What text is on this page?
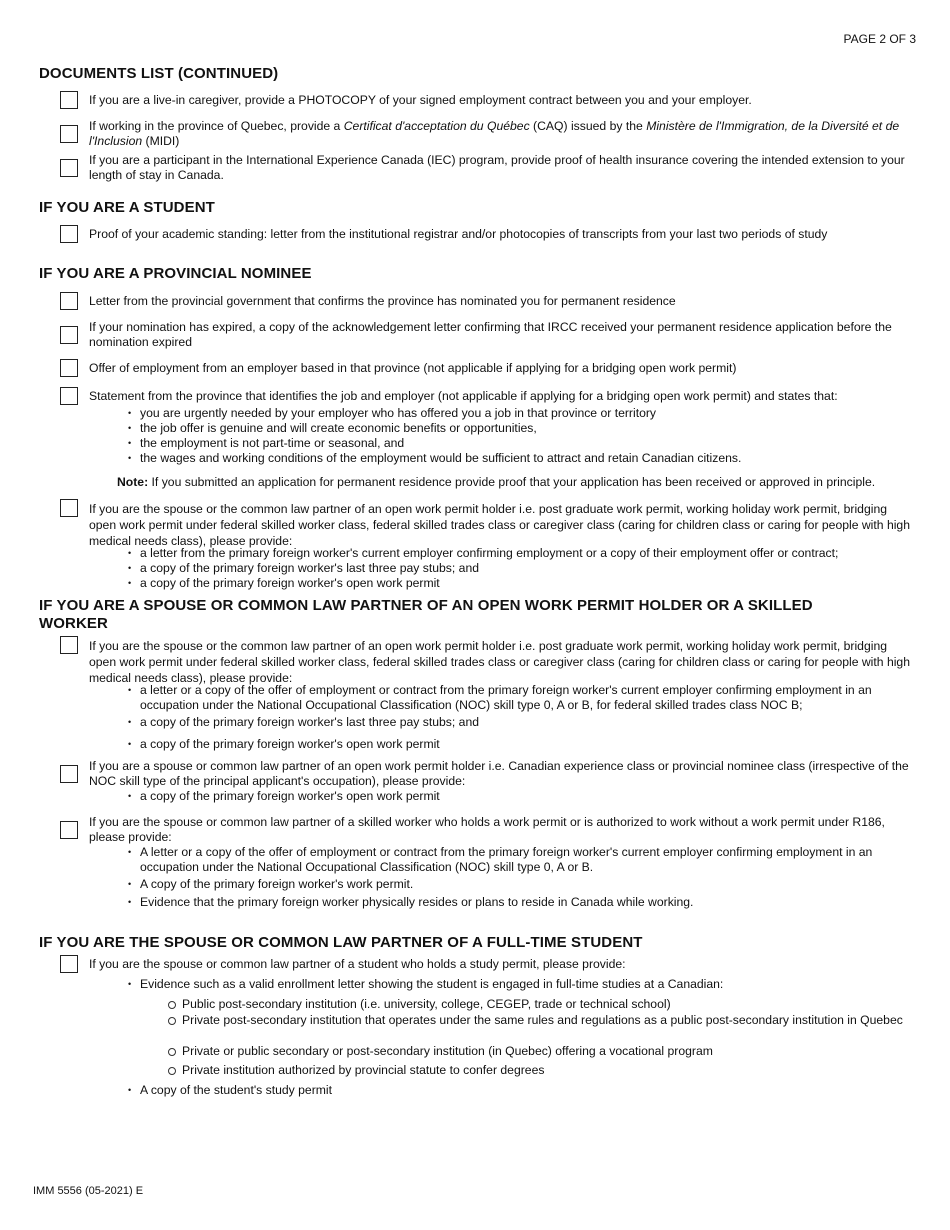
PAGE 2 OF 3
DOCUMENTS LIST (CONTINUED)
If you are a live-in caregiver, provide a PHOTOCOPY of your signed employment contract between you and your employer.
If working in the province of Quebec, provide a Certificat d'acceptation du Québec (CAQ) issued by the Ministère de l'Immigration, de la Diversité et de l'Inclusion (MIDI)
If you are a participant in the International Experience Canada (IEC) program, provide proof of health insurance covering the intended extension to your length of stay in Canada.
IF YOU ARE A STUDENT
Proof of your academic standing: letter from the institutional registrar and/or photocopies of transcripts from your last two periods of study
IF YOU ARE A PROVINCIAL NOMINEE
Letter from the provincial government that confirms the province has nominated you for permanent residence
If your nomination has expired, a copy of the acknowledgement letter confirming that IRCC received your permanent residence application before the nomination expired
Offer of employment from an employer based in that province (not applicable if applying for a bridging open work permit)
Statement from the province that identifies the job and employer (not applicable if applying for a bridging open work permit) and states that:
• you are urgently needed by your employer who has offered you a job in that province or territory
• the job offer is genuine and will create economic benefits or opportunities,
• the employment is not part-time or seasonal, and
• the wages and working conditions of the employment would be sufficient to attract and retain Canadian citizens.
Note: If you submitted an application for permanent residence provide proof that your application has been received or approved in principle.
If you are the spouse or the common law partner of an open work permit holder i.e. post graduate work permit, working holiday work permit, bridging open work permit under federal skilled worker class, federal skilled trades class or caregiver class (caring for children class or caring for people with high medical needs class), please provide:
• a letter from the primary foreign worker's current employer confirming employment or a copy of their employment offer or contract;
• a copy of the primary foreign worker's last three pay stubs; and
• a copy of the primary foreign worker's open work permit
IF YOU ARE A SPOUSE OR COMMON LAW PARTNER OF AN OPEN WORK PERMIT HOLDER OR A SKILLED
WORKER
If you are the spouse or the common law partner of an open work permit holder i.e. post graduate work permit, working holiday work permit, bridging open work permit under federal skilled worker class, federal skilled trades class or caregiver class (caring for children class or caring for people with high medical needs class), please provide:
• a letter or a copy of the offer of employment or contract from the primary foreign worker's current employer confirming employment in an occupation under the National Occupational Classification (NOC) skill type 0, A or B, for federal skilled trades class NOC B;
• a copy of the primary foreign worker's last three pay stubs; and
• a copy of the primary foreign worker's open work permit
If you are a spouse or common law partner of an open work permit holder i.e. Canadian experience class or provincial nominee class (irrespective of the NOC skill type of the principal applicant's occupation), please provide:
• a copy of the primary foreign worker's open work permit
If you are the spouse or common law partner of a skilled worker who holds a work permit or is authorized to work without a work permit under R186, please provide:
• A letter or a copy of the offer of employment or contract from the primary foreign worker's current employer confirming employment in an occupation under the National Occupational Classification (NOC) skill type 0, A or B.
• A copy of the primary foreign worker's work permit.
• Evidence that the primary foreign worker physically resides or plans to reside in Canada while working.
IF YOU ARE THE SPOUSE OR COMMON LAW PARTNER OF A FULL-TIME STUDENT
If you are the spouse or common law partner of a student who holds a study permit, please provide:
• Evidence such as a valid enrollment letter showing the student is engaged in full-time studies at a Canadian:
Public post-secondary institution (i.e. university, college, CEGEP, trade or technical school)
Private post-secondary institution that operates under the same rules and regulations as a public post-secondary institution in Quebec
Private or public secondary or post-secondary institution (in Quebec) offering a vocational program
Private institution authorized by provincial statute to confer degrees
• A copy of the student's study permit
IMM 5556 (05-2021) E
